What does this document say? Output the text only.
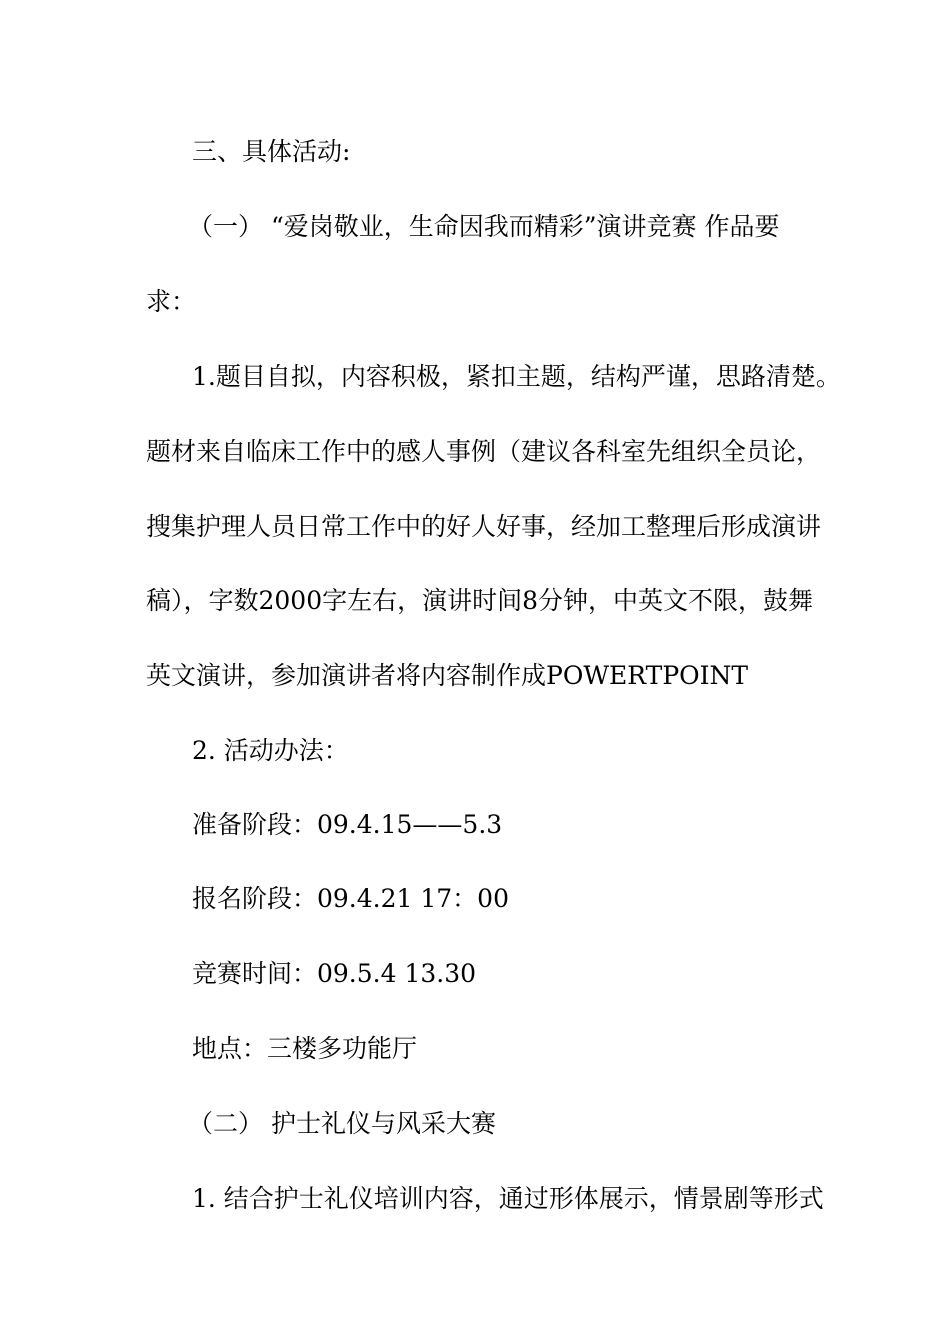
三、具体活动:
（一） “爱岗敬业，生命因我而精彩”演讲竞赛 作品要
求：
1.题目自拟，内容积极，紧扣主题，结构严谨，思路清楚。
题材来自临床工作中的感人事例（建议各科室先组织全员论，
搜集护理人员日常工作中的好人好事，经加工整理后形成演讲
稿），字数2000字左右，演讲时间8分钟，中英文不限，鼓舞
英文演讲，参加演讲者将内容制作成POWERTPOINT
2. 活动办法：
准备阶段：09.4.15——5.3
报名阶段：09.4.21 17：00
竞赛时间：09.5.4 13.30
地点：三楼多功能厅
（二） 护士礼仪与风采大赛
1. 结合护士礼仪培训内容，通过形体展示，情景剧等形式
